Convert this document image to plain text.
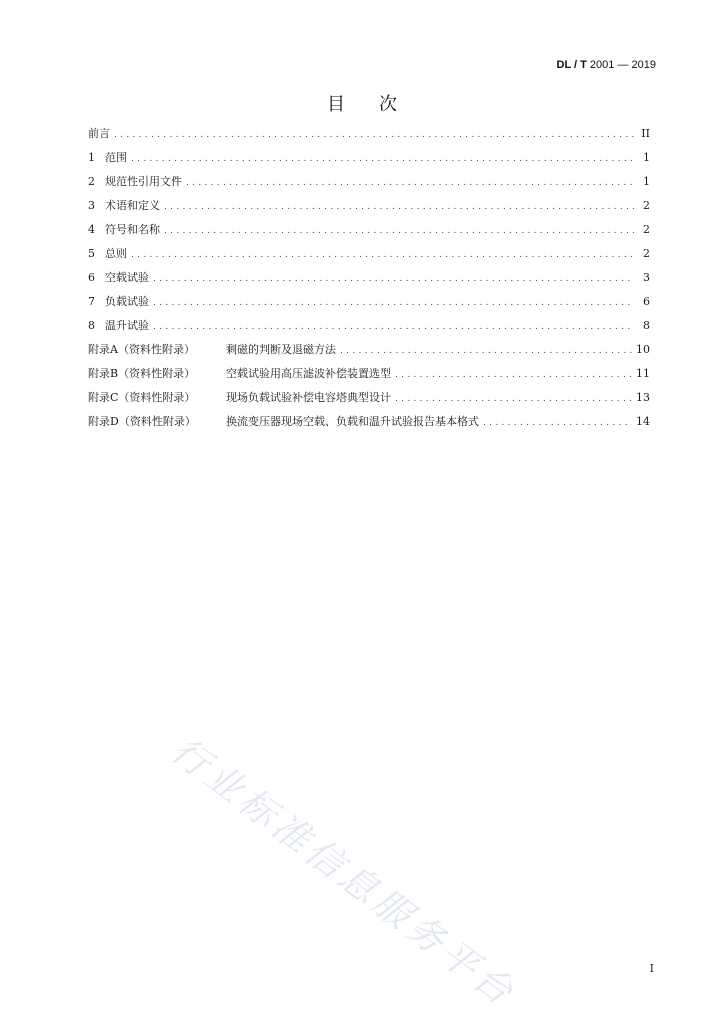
DL / T 2001 — 2019
目次
前言 .....	II
1 范围 .....	1
2 规范性引用文件 .....	1
3 术语和定义 .....	2
4 符号和名称 .....	2
5 总则 .....	2
6 空载试验 .....	3
7 负载试验 .....	6
8 温升试验 .....	8
附录A（资料性附录）	剩磁的判断及退磁方法 .....	10
附录B（资料性附录）	空载试验用高压滤波补偿装置选型 .....	11
附录C（资料性附录）	现场负载试验补偿电容塔典型设计 .....	13
附录D（资料性附录）	换流变压器现场空载、负载和温升试验报告基本格式 .....	14
行业标准信息服务平台	I
